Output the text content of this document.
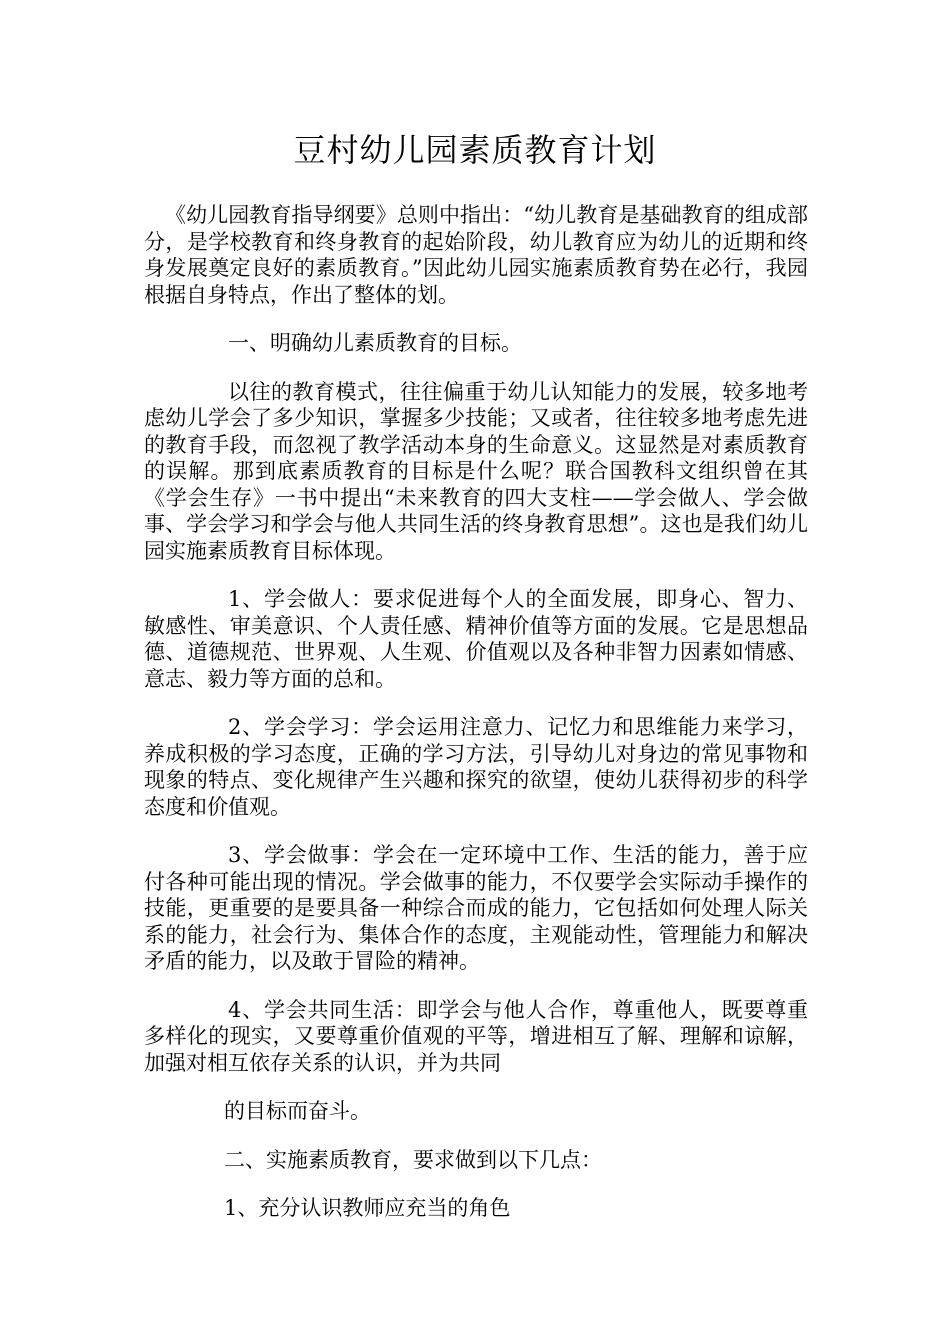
豆村幼儿园素质教育计划

《幼儿园教育指导纲要》总则中指出：“幼儿教育是基础教育的组成部分，是学校教育和终身教育的起始阶段，幼儿教育应为幼儿的近期和终身发展奠定良好的素质教育。”因此幼儿园实施素质教育势在必行，我园根据自身特点，作出了整体的划。

一、明确幼儿素质教育的目标。

以往的教育模式，往往偏重于幼儿认知能力的发展，较多地考虑幼儿学会了多少知识，掌握多少技能；又或者，往往较多地考虑先进的教育手段，而忽视了教学活动本身的生命意义。这显然是对素质教育的误解。那到底素质教育的目标是什么呢？联合国教科文组织曾在其《学会生存》一书中提出“未来教育的四大支柱——学会做人、学会做事、学会学习和学会与他人共同生活的终身教育思想”。这也是我们幼儿园实施素质教育目标体现。

1、学会做人：要求促进每个人的全面发展，即身心、智力、敏感性、审美意识、个人责任感、精神价值等方面的发展。它是思想品德、道德规范、世界观、人生观、价值观以及各种非智力因素如情感、意志、毅力等方面的总和。

2、学会学习：学会运用注意力、记忆力和思维能力来学习，养成积极的学习态度，正确的学习方法，引导幼儿对身边的常见事物和现象的特点、变化规律产生兴趣和探究的欲望，使幼儿获得初步的科学态度和价值观。

3、学会做事：学会在一定环境中工作、生活的能力，善于应付各种可能出现的情况。学会做事的能力，不仅要学会实际动手操作的技能，更重要的是要具备一种综合而成的能力，它包括如何处理人际关系的能力，社会行为、集体合作的态度，主观能动性，管理能力和解决矛盾的能力，以及敢于冒险的精神。

4、学会共同生活：即学会与他人合作，尊重他人，既要尊重多样化的现实，又要尊重价值观的平等，增进相互了解、理解和谅解，加强对相互依存关系的认识，并为共同

的目标而奋斗。

二、实施素质教育，要求做到以下几点：

1、充分认识教师应充当的角色
